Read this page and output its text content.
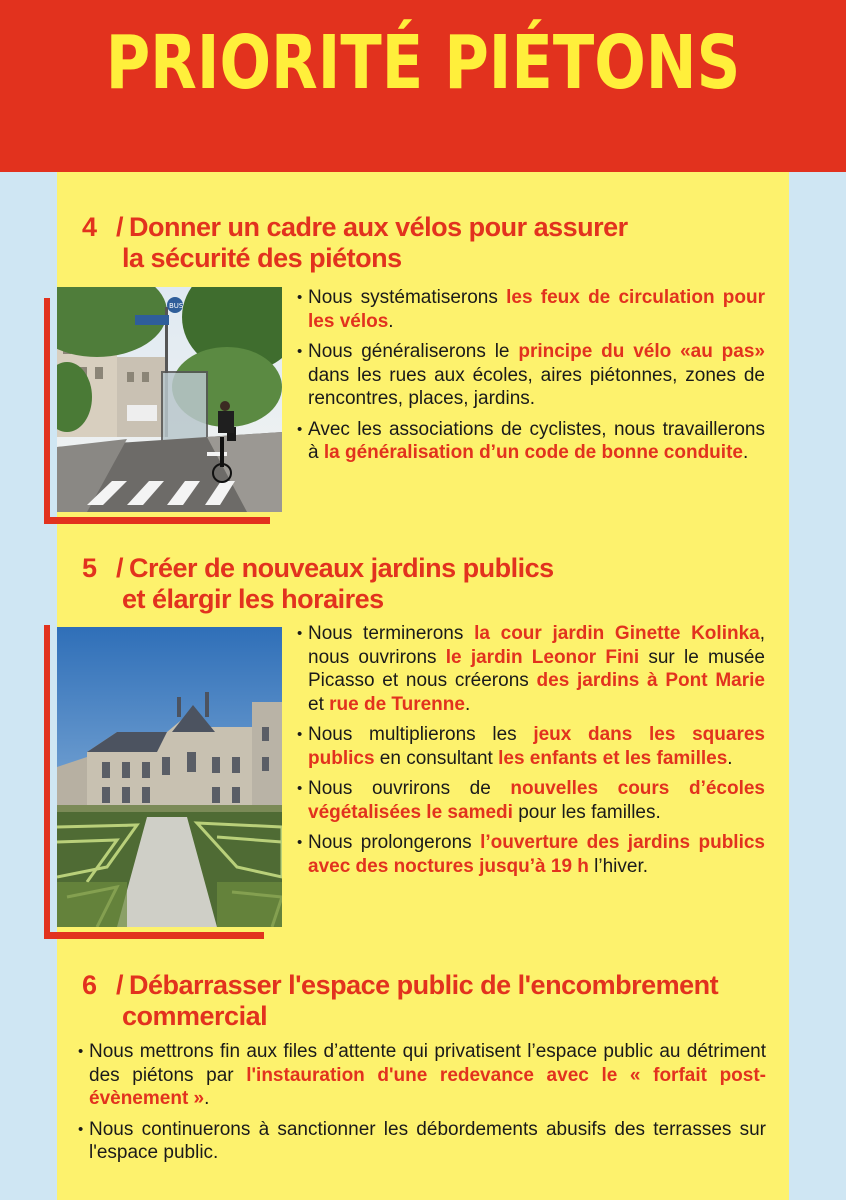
PRIORITÉ PIÉTONS
4 / Donner un cadre aux vélos pour assurer
la sécurité des piétons
BUS
•	Nous systématiserons les feux de circulation pour les vélos.
• Nous généraliserons le principe du vélo «au pas» dans les rues aux écoles, aires piétonnes, zones de rencontres, places, jardins.
• Avec les associations de cyclistes, nous travaillerons à la généralisation d’un code de bonne conduite.
5 / Créer de nouveaux jardins publics
et élargir les horaires
• Nous terminerons la cour jardin Ginette Kolinka, nous ouvrirons le jardin Leonor Fini sur le musée Picasso et nous créerons des jardins à Pont Marie et rue de Turenne.
• Nous multiplierons les jeux dans les squares publics en consultant les enfants et les familles.
• Nous ouvrirons de nouvelles cours d’écoles végétalisées le samedi pour les familles.
• Nous prolongerons l’ouverture des jardins publics avec des noctures jusqu’à 19 h l’hiver.
6 / Débarrasser l'espace public de l'encombrement
commercial
• Nous mettrons fin aux files d’attente qui privatisent l’espace public au détriment des piétons par l'instauration d'une redevance avec le « forfait post-évènement ».
• Nous continuerons à sanctionner les débordements abusifs des terrasses sur l'espace public.
